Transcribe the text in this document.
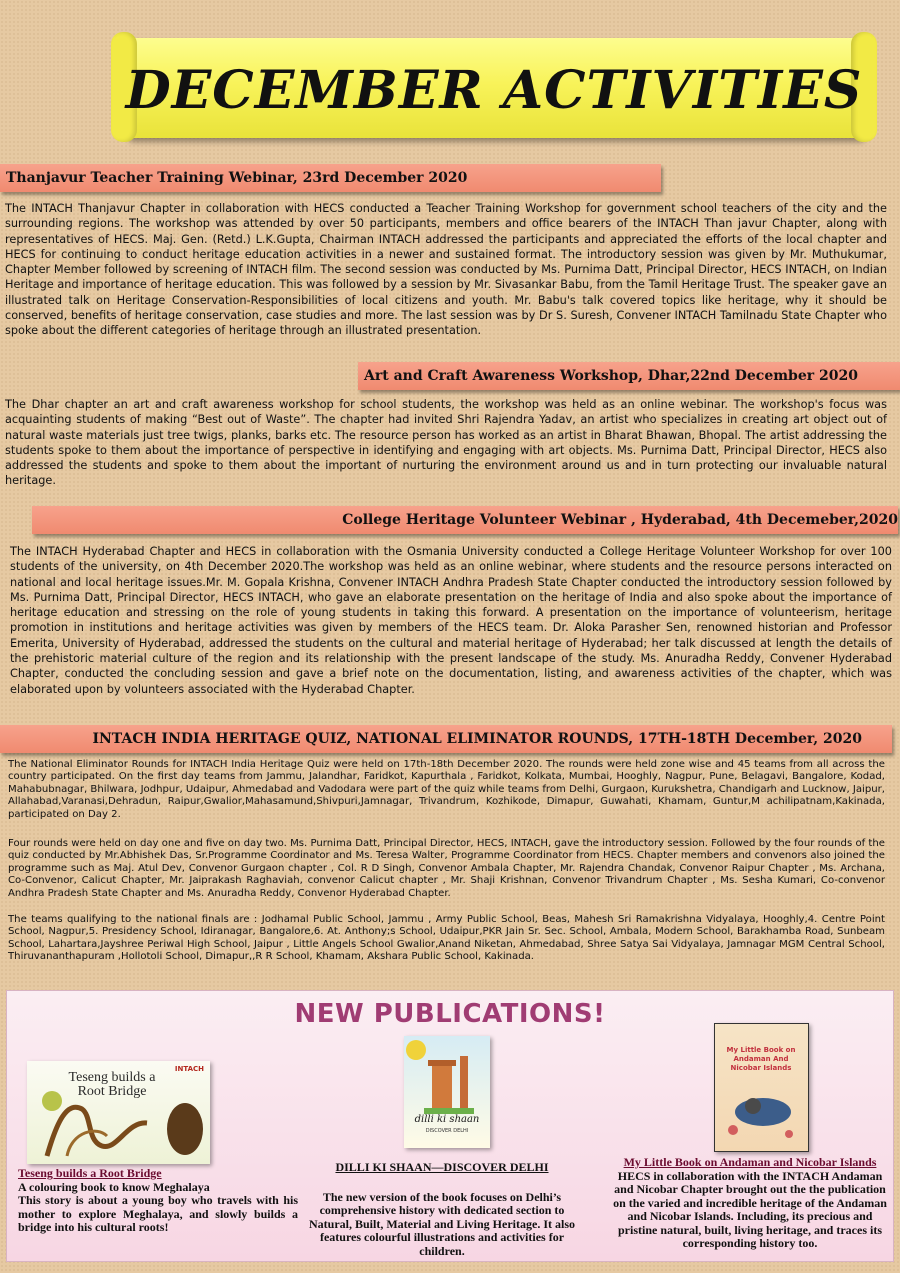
DECEMBER ACTIVITIES
Thanjavur Teacher Training Webinar, 23rd December 2020

The INTACH Thanjavur Chapter in collaboration with HECS conducted a Teacher Training Workshop for government school teachers of the city and the surrounding regions. The workshop was attended by over 50 participants, members and office bearers of the INTACH Than javur Chapter, along with representatives of HECS. Maj. Gen. (Retd.) L.K.Gupta, Chairman INTACH addressed the participants and appreciated the efforts of the local chapter and HECS for continuing to conduct heritage education activities in a newer and sustained format. The introductory session was given by Mr. Muthukumar, Chapter Member followed by screening of INTACH film. The second session was conducted by Ms. Purnima Datt, Principal Director, HECS INTACH, on Indian Heritage and importance of heritage education. This was followed by a session by Mr. Sivasankar Babu, from the Tamil Heritage Trust. The speaker gave an illustrated talk on Heritage Conservation-Responsibilities of local citizens and youth. Mr. Babu's talk covered topics like heritage, why it should be conserved, benefits of heritage conservation, case studies and more. The last session was by Dr S. Suresh, Convener INTACH Tamilnadu State Chapter who spoke about the different categories of heritage through an illustrated presentation.

Art and Craft Awareness Workshop, Dhar,22nd December 2020

The Dhar chapter an art and craft awareness workshop for school students, the workshop was held as an online webinar. The workshop's focus was acquainting students of making “Best out of Waste”. The chapter had invited Shri Rajendra Yadav, an artist who specializes in creating art object out of natural waste materials just tree twigs, planks, barks etc. The resource person has worked as an artist in Bharat Bhawan, Bhopal. The artist addressing the students spoke to them about the importance of perspective in identifying and engaging with art objects. Ms. Purnima Datt, Principal Director, HECS also addressed the students and spoke to them about the important of nurturing the environment around us and in turn protecting our invaluable natural heritage.

College Heritage Volunteer Webinar , Hyderabad, 4th Decemeber,2020

The INTACH Hyderabad Chapter and HECS in collaboration with the Osmania University conducted a College Heritage Volunteer Workshop for over 100 students of the university, on 4th December 2020.The workshop was held as an online webinar, where students and the resource persons interacted on national and local heritage issues.Mr. M. Gopala Krishna, Convener INTACH Andhra Pradesh State Chapter conducted the introductory session followed by Ms. Purnima Datt, Principal Director, HECS INTACH, who gave an elaborate presentation on the heritage of India and also spoke about the importance of heritage education and stressing on the role of young students in taking this forward. A presentation on the importance of volunteerism, heritage promotion in institutions and heritage activities was given by members of the HECS team. Dr. Aloka Parasher Sen, renowned historian and Professor Emerita, University of Hyderabad, addressed the students on the cultural and material heritage of Hyderabad; her talk discussed at length the details of the prehistoric material culture of the region and its relationship with the present landscape of the study. Ms. Anuradha Reddy, Convener Hyderabad Chapter, conducted the concluding session and gave a brief note on the documentation, listing, and awareness activities of the chapter, which was elaborated upon by volunteers associated with the Hyderabad Chapter.

INTACH INDIA HERITAGE QUIZ, NATIONAL ELIMINATOR ROUNDS, 17TH-18TH December, 2020

The National Eliminator Rounds for INTACH India Heritage Quiz were held on 17th-18th December 2020. The rounds were held zone wise and 45 teams from all across the country participated. On the first day teams from Jammu, Jalandhar, Faridkot, Kapurthala , Faridkot, Kolkata, Mumbai, Hooghly, Nagpur, Pune, Belagavi, Bangalore, Kodad, Mahabubnagar, Bhilwara, Jodhpur, Udaipur, Ahmedabad and Vadodara were part of the quiz while teams from Delhi, Gurgaon, Kurukshetra, Chandigarh and Lucknow, Jaipur, Allahabad,Varanasi,Dehradun, Raipur,Gwalior,Mahasamund,Shivpuri,Jamnagar, Trivandrum, Kozhikode, Dimapur, Guwahati, Khamam, Guntur,M achilipatnam,Kakinada, participated on Day 2.

Four rounds were held on day one and five on day two. Ms. Purnima Datt, Principal Director, HECS, INTACH, gave the introductory session. Followed by the four rounds of the quiz conducted by Mr.Abhishek Das, Sr.Programme Coordinator and Ms. Teresa Walter, Programme Coordinator from HECS. Chapter members and convenors also joined the programme such as Maj. Atul Dev, Convenor Gurgaon chapter , Col. R D Singh, Convenor Ambala Chapter, Mr. Rajendra Chandak, Convenor Raipur Chapter , Ms. Archana, Co-Convenor, Calicut Chapter, Mr. Jaiprakash Raghaviah, convenor Calicut chapter , Mr. Shaji Krishnan, Convenor Trivandrum Chapter , Ms. Sesha Kumari, Co-convenor Andhra Pradesh State Chapter and Ms. Anuradha Reddy, Convenor Hyderabad Chapter.

The teams qualifying to the national finals are : Jodhamal Public School, Jammu , Army Public School, Beas, Mahesh Sri Ramakrishna Vidyalaya, Hooghly,4. Centre Point School, Nagpur,5. Presidency School, Idiranagar, Bangalore,6. At. Anthony;s School, Udaipur,PKR Jain Sr. Sec. School, Ambala, Modern School, Barakhamba Road, Sunbeam School, Lahartara,Jayshree Periwal High School, Jaipur , Little Angels School Gwalior,Anand Niketan, Ahmedabad, Shree Satya Sai Vidyalaya, Jamnagar MGM Central School, Thiruvananthapuram ,Hollotoli School, Dimapur,,R R School, Khamam, Akshara Public School, Kakinada.

NEW PUBLICATIONS!
INTACH
Teseng builds a Root Bridge
dilli ki shaan
DISCOVER DELHI
My Little Book on Andaman And Nicobar Islands
Teseng builds a Root Bridge
A colouring book to know Meghalaya
This story is about a young boy who travels with his mother to explore Meghalaya, and slowly builds a bridge into his cultural roots!
DILLI KI SHAAN—DISCOVER DELHI
The new version of the book focuses on Delhi’s comprehensive history with dedicated section to Natural, Built, Material and Living Heritage. It also features colourful illustrations and activities for children.
My Little Book on Andaman and Nicobar Islands
HECS in collaboration with the INTACH Andaman and Nicobar Chapter brought out the the publication on the varied and incredible heritage of the Andaman and Nicobar Islands. Including, its precious and pristine natural, built, living heritage, and traces its corresponding history too.
